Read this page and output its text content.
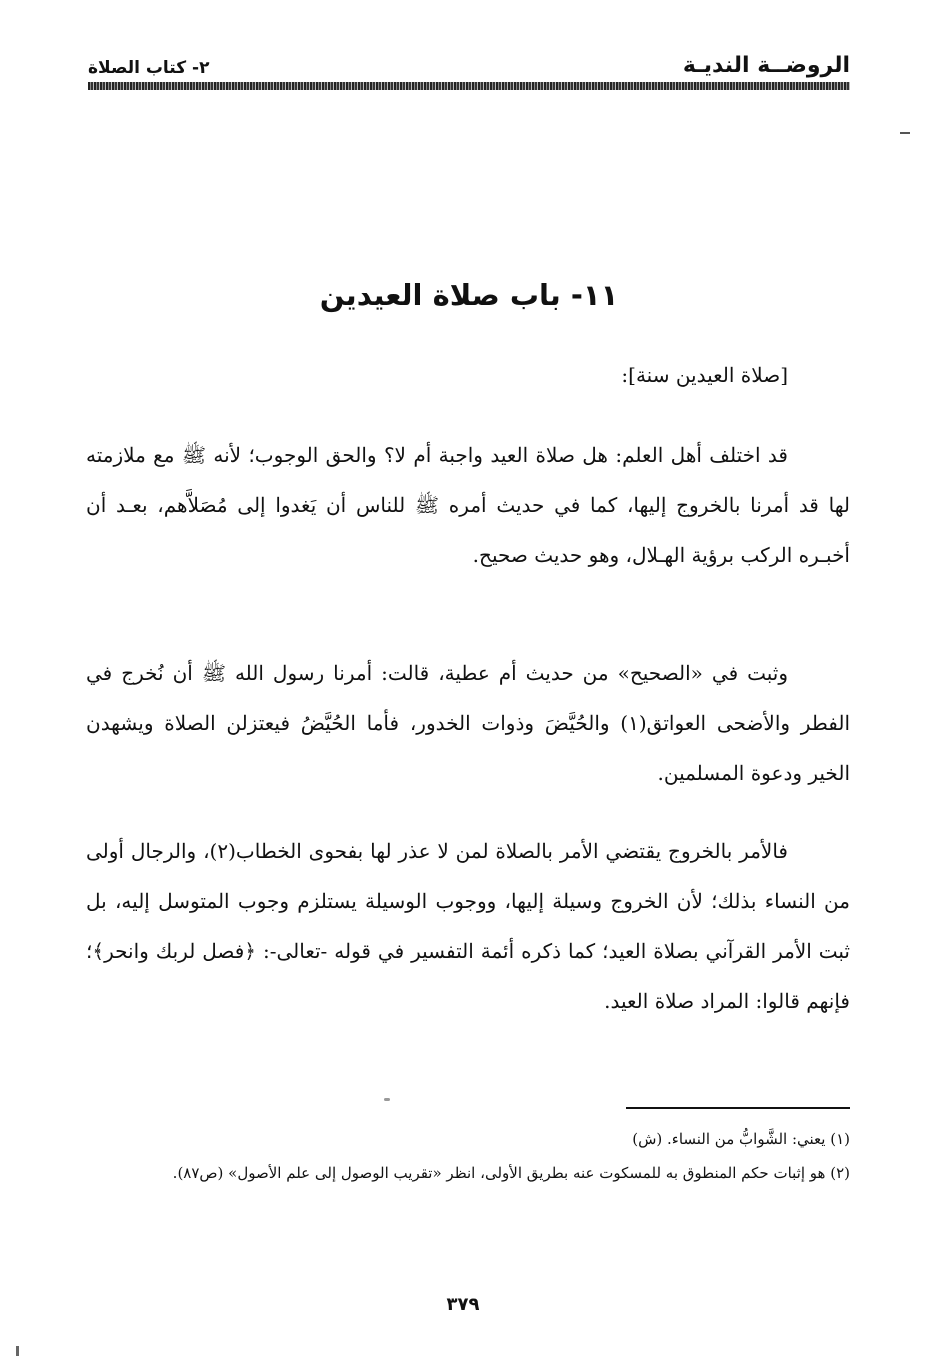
الروضــة النديـة
٢- كتاب الصلاة
١١- باب صلاة العيدين
[صلاة العيدين سنة]:
قد اختلف أهل العلم: هل صلاة العيد واجبة أم لا؟ والحق الوجوب؛ لأنه ﷺ مع ملازمته لها قد أمرنا بالخروج إليها، كما في حديث أمره ﷺ للناس أن يَغدوا إلى مُصَلاَّهم، بعـد أن أخبـره الركب برؤية الهـلال، وهو حديث صحيح.
وثبت في «الصحيح» من حديث أم عطية، قالت: أمرنا رسول الله ﷺ أن نُخرج في الفطر والأضحى العواتق(١) والحُيَّضَ وذوات الخدور، فأما الحُيَّضُ فيعتزلن الصلاة ويشهدن الخير ودعوة المسلمين.
فالأمر بالخروج يقتضي الأمر بالصلاة لمن لا عذر لها بفحوى الخطاب(٢)، والرجال أولى من النساء بذلك؛ لأن الخروج وسيلة إليها، ووجوب الوسيلة يستلزم وجوب المتوسل إليه، بل ثبت الأمر القرآني بصلاة العيد؛ كما ذكره أئمة التفسير في قوله -تعالى-: ﴿فصل لربك وانحر﴾؛ فإنهم قالوا: المراد صلاة العيد.

(١) يعني: الشَّوابُّ من النساء. (ش)

(٢) هو إثبات حكم المنطوق به للمسكوت عنه بطريق الأولى، انظر «تقريب الوصول إلى علم الأصول» (ص٨٧).

٣٧٩
